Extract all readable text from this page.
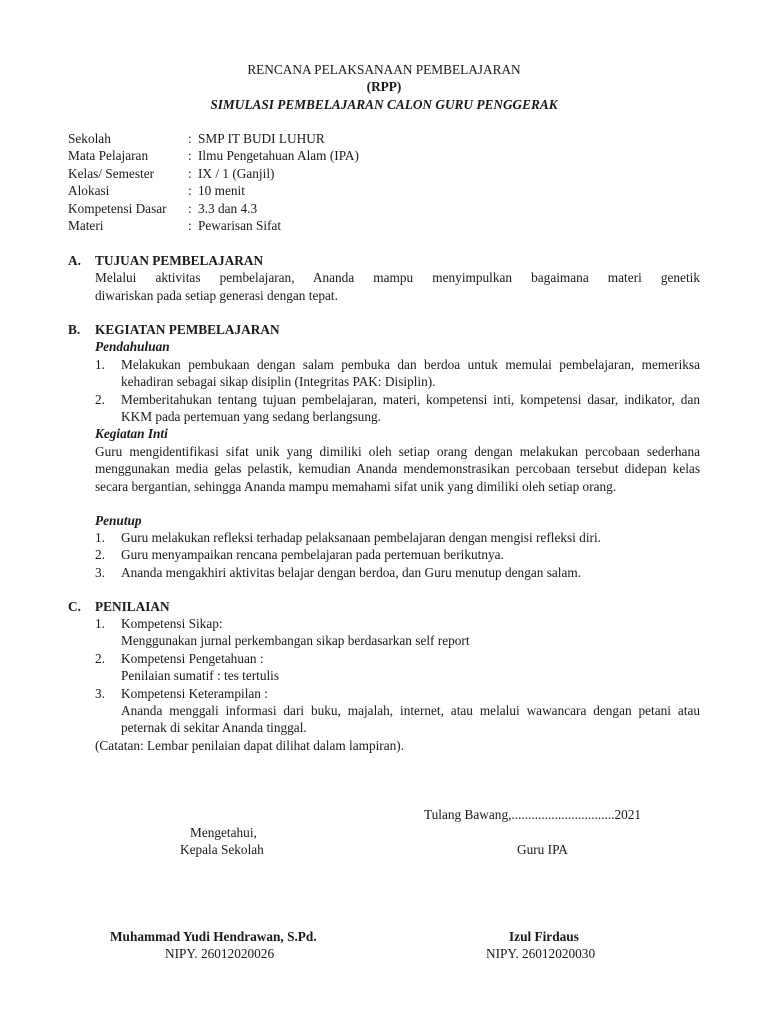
RENCANA PELAKSANAAN PEMBELAJARAN
(RPP)
SIMULASI PEMBELAJARAN CALON GURU PENGGERAK
Sekolah	: SMP IT BUDI LUHUR
Mata Pelajaran	: Ilmu Pengetahuan Alam (IPA)
Kelas/ Semester	: IX / 1 (Ganjil)
Alokasi	: 10 menit
Kompetensi Dasar	: 3.3 dan 4.3
Materi	: Pewarisan Sifat
A.	TUJUAN PEMBELAJARAN
Melalui aktivitas pembelajaran, Ananda mampu menyimpulkan bagaimana materi genetik
diwariskan pada setiap generasi dengan tepat.
B.	KEGIATAN PEMBELAJARAN
Pendahuluan
1.	Melakukan pembukaan dengan salam pembuka dan berdoa untuk memulai pembelajaran, memeriksa kehadiran sebagai sikap disiplin (Integritas PAK: Disiplin).
2.	Memberitahukan tentang tujuan pembelajaran, materi, kompetensi inti, kompetensi dasar, indikator, dan KKM pada pertemuan yang sedang berlangsung.
Kegiatan Inti
Guru mengidentifikasi sifat unik yang dimiliki oleh setiap orang dengan melakukan percobaan sederhana menggunakan media gelas pelastik, kemudian Ananda mendemonstrasikan percobaan tersebut didepan kelas secara bergantian, sehingga Ananda mampu memahami sifat unik yang dimiliki oleh setiap orang.
Penutup
1.	Guru melakukan refleksi terhadap pelaksanaan pembelajaran dengan mengisi refleksi diri.
2.	Guru menyampaikan rencana pembelajaran pada pertemuan berikutnya.
3.	Ananda mengakhiri aktivitas belajar dengan berdoa, dan Guru menutup dengan salam.
C.	PENILAIAN
1.	Kompetensi Sikap:
Menggunakan jurnal perkembangan sikap berdasarkan self report
2.	Kompetensi Pengetahuan :
Penilaian sumatif : tes tertulis
3.	Kompetensi Keterampilan :
Ananda menggali informasi dari buku, majalah, internet, atau melalui wawancara dengan petani atau peternak di sekitar Ananda tinggal.
(Catatan: Lembar penilaian dapat dilihat dalam lampiran).
Tulang Bawang,...............................2021
Mengetahui,
Kepala Sekolah	Guru IPA
Muhammad Yudi Hendrawan, S.Pd.
NIPY. 26012020026
Izul Firdaus
NIPY. 26012020030
